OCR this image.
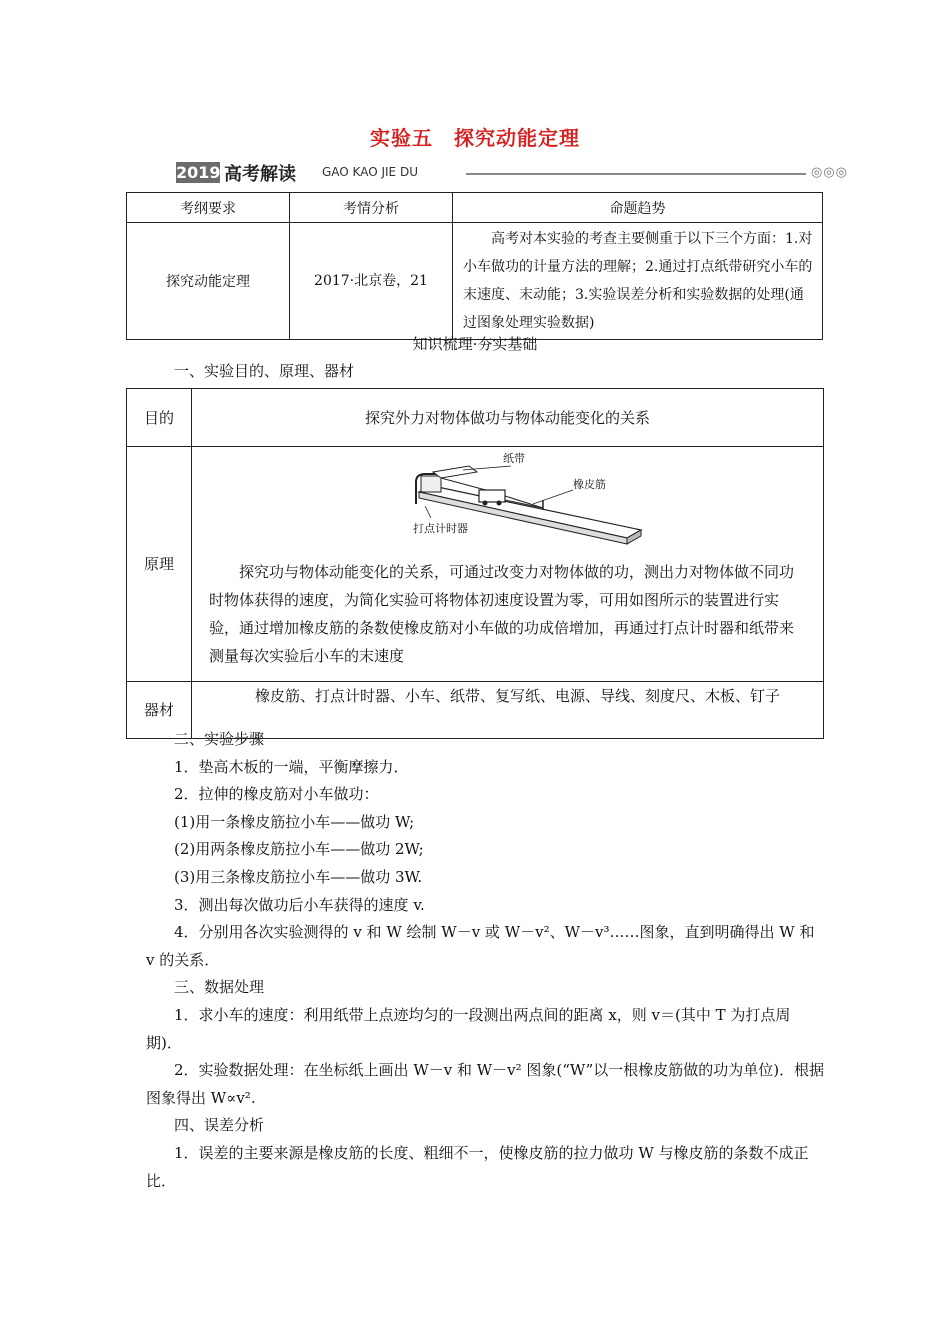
实验五　探究动能定理
2019 高考解读 GAO KAO JIE DU	◎◎◎
考纲要求	考情分析	命题趋势
探究动能定理	2017·北京卷，21	高考对本实验的考查主要侧重于以下三个方面：1.对小车做功的计量方法的理解；2.通过打点纸带研究小车的末速度、末动能；3.实验误差分析和实验数据的处理(通过图象处理实验数据)
知识梳理·夯实基础
一、实验目的、原理、器材
目的	探究外力对物体做功与物体动能变化的关系
原理	纸带
橡皮筋
打点计时器
探究功与物体动能变化的关系，可通过改变力对物体做的功，测出力对物体做不同功时物体获得的速度，为简化实验可将物体初速度设置为零，可用如图所示的装置进行实验，通过增加橡皮筋的条数使橡皮筋对小车做的功成倍增加，再通过打点计时器和纸带来测量每次实验后小车的末速度

器材	橡皮筋、打点计时器、小车、纸带、复写纸、电源、导线、刻度尺、木板、钉子

二、实验步骤

1．垫高木板的一端，平衡摩擦力．

2．拉伸的橡皮筋对小车做功：

(1)用一条橡皮筋拉小车——做功 W;

(2)用两条橡皮筋拉小车——做功 2W;

(3)用三条橡皮筋拉小车——做功 3W.

3．测出每次做功后小车获得的速度 v.

4．分别用各次实验测得的 v 和 W 绘制 W－v 或 W－v²、W－v³……图象，直到明确得出 W 和 v 的关系．

三、数据处理

1．求小车的速度：利用纸带上点迹均匀的一段测出两点间的距离 x，则 v＝(其中 T 为打点周期)．

2．实验数据处理：在坐标纸上画出 W－v 和 W－v² 图象(“W”以一根橡皮筋做的功为单位)．根据图象得出 W∝v².

四、误差分析

1．误差的主要来源是橡皮筋的长度、粗细不一，使橡皮筋的拉力做功 W 与橡皮筋的条数不成正比．
